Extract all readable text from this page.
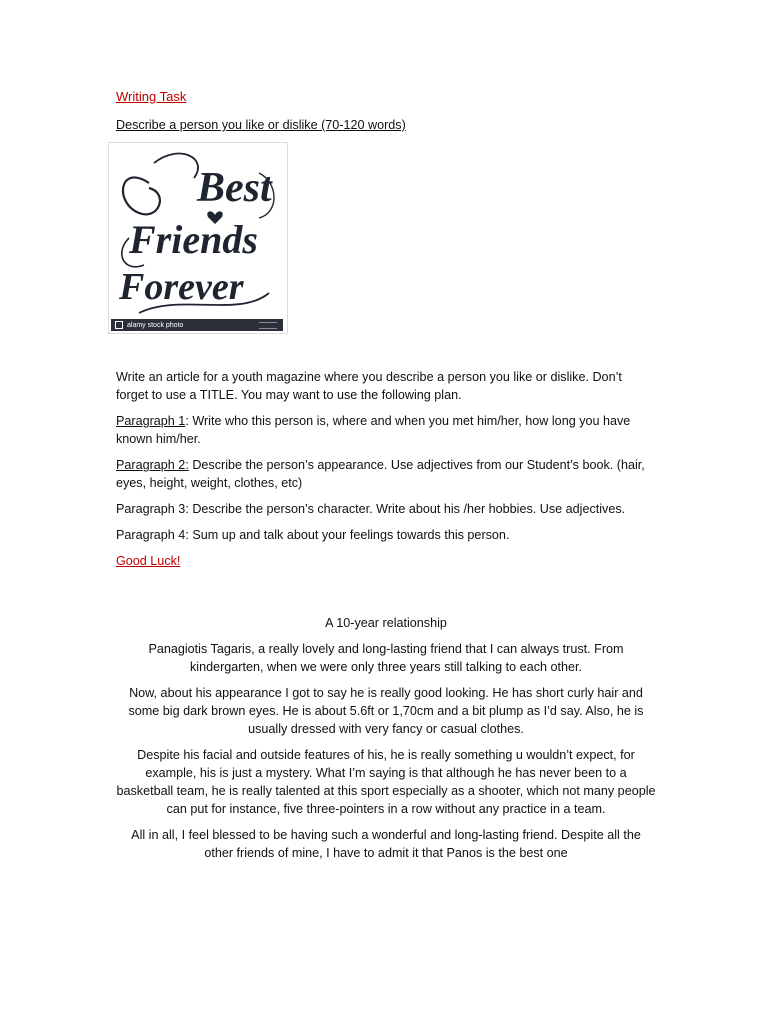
Writing Task
Describe a person you like or dislike (70-120 words)
Best
Friends
Forever
alamy stock photo

Write an article for a youth magazine where you describe a person you like or dislike. Don’t forget to use a TITLE. You may want to use the following plan.

Paragraph 1: Write who this person is, where and when you met him/her, how long you have known him/her.

Paragraph 2: Describe the person’s appearance. Use adjectives from our Student’s book. (hair, eyes, height, weight, clothes, etc)

Paragraph 3: Describe the person’s character. Write about his /her hobbies. Use adjectives.

Paragraph 4: Sum up and talk about your feelings towards this person.

Good Luck!
A 10-year relationship

Panagiotis Tagaris, a really lovely and long-lasting friend that I can always trust. From kindergarten, when we were only three years still talking to each other.

Now, about his appearance I got to say he is really good looking. He has short curly hair and some big dark brown eyes. He is about 5.6ft or 1,70cm and a bit plump as I’d say. Also, he is usually dressed with very fancy or casual clothes.

Despite his facial and outside features of his, he is really something u wouldn’t expect, for example, his is just a mystery. What I’m saying is that although he has never been to a basketball team, he is really talented at this sport especially as a shooter, which not many people can put for instance, five three-pointers in a row without any practice in a team.

All in all, I feel blessed to be having such a wonderful and long-lasting friend. Despite all the other friends of mine, I have to admit it that Panos is the best one
